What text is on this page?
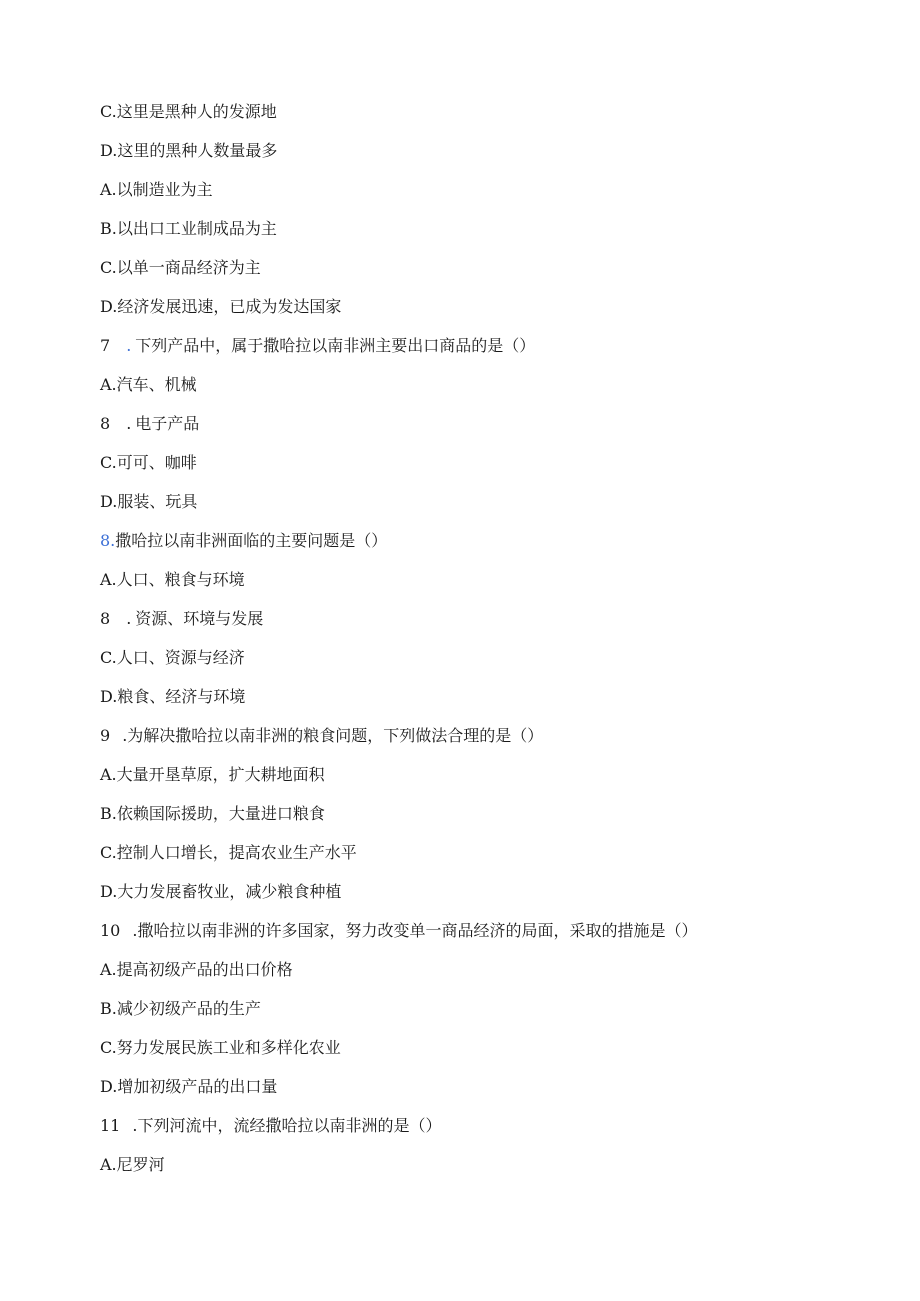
C.这里是黑种人的发源地
D.这里的黑种人数量最多
A.以制造业为主
B.以出口工业制成品为主
C.以单一商品经济为主
D.经济发展迅速，已成为发达国家
7 . 下列产品中，属于撒哈拉以南非洲主要出口商品的是（）
A.汽车、机械
8 . 电子产品
C.可可、咖啡
D.服装、玩具
8.撒哈拉以南非洲面临的主要问题是（）
A.人口、粮食与环境
8 . 资源、环境与发展
C.人口、资源与经济
D.粮食、经济与环境
9 .为解决撒哈拉以南非洲的粮食问题，下列做法合理的是（）
A.大量开垦草原，扩大耕地面积
B.依赖国际援助，大量进口粮食
C.控制人口增长，提高农业生产水平
D.大力发展畜牧业，减少粮食种植
10 .撒哈拉以南非洲的许多国家，努力改变单一商品经济的局面，采取的措施是（）
A.提高初级产品的出口价格
B.减少初级产品的生产
C.努力发展民族工业和多样化农业
D.增加初级产品的出口量
11 .下列河流中，流经撒哈拉以南非洲的是（）
A.尼罗河
